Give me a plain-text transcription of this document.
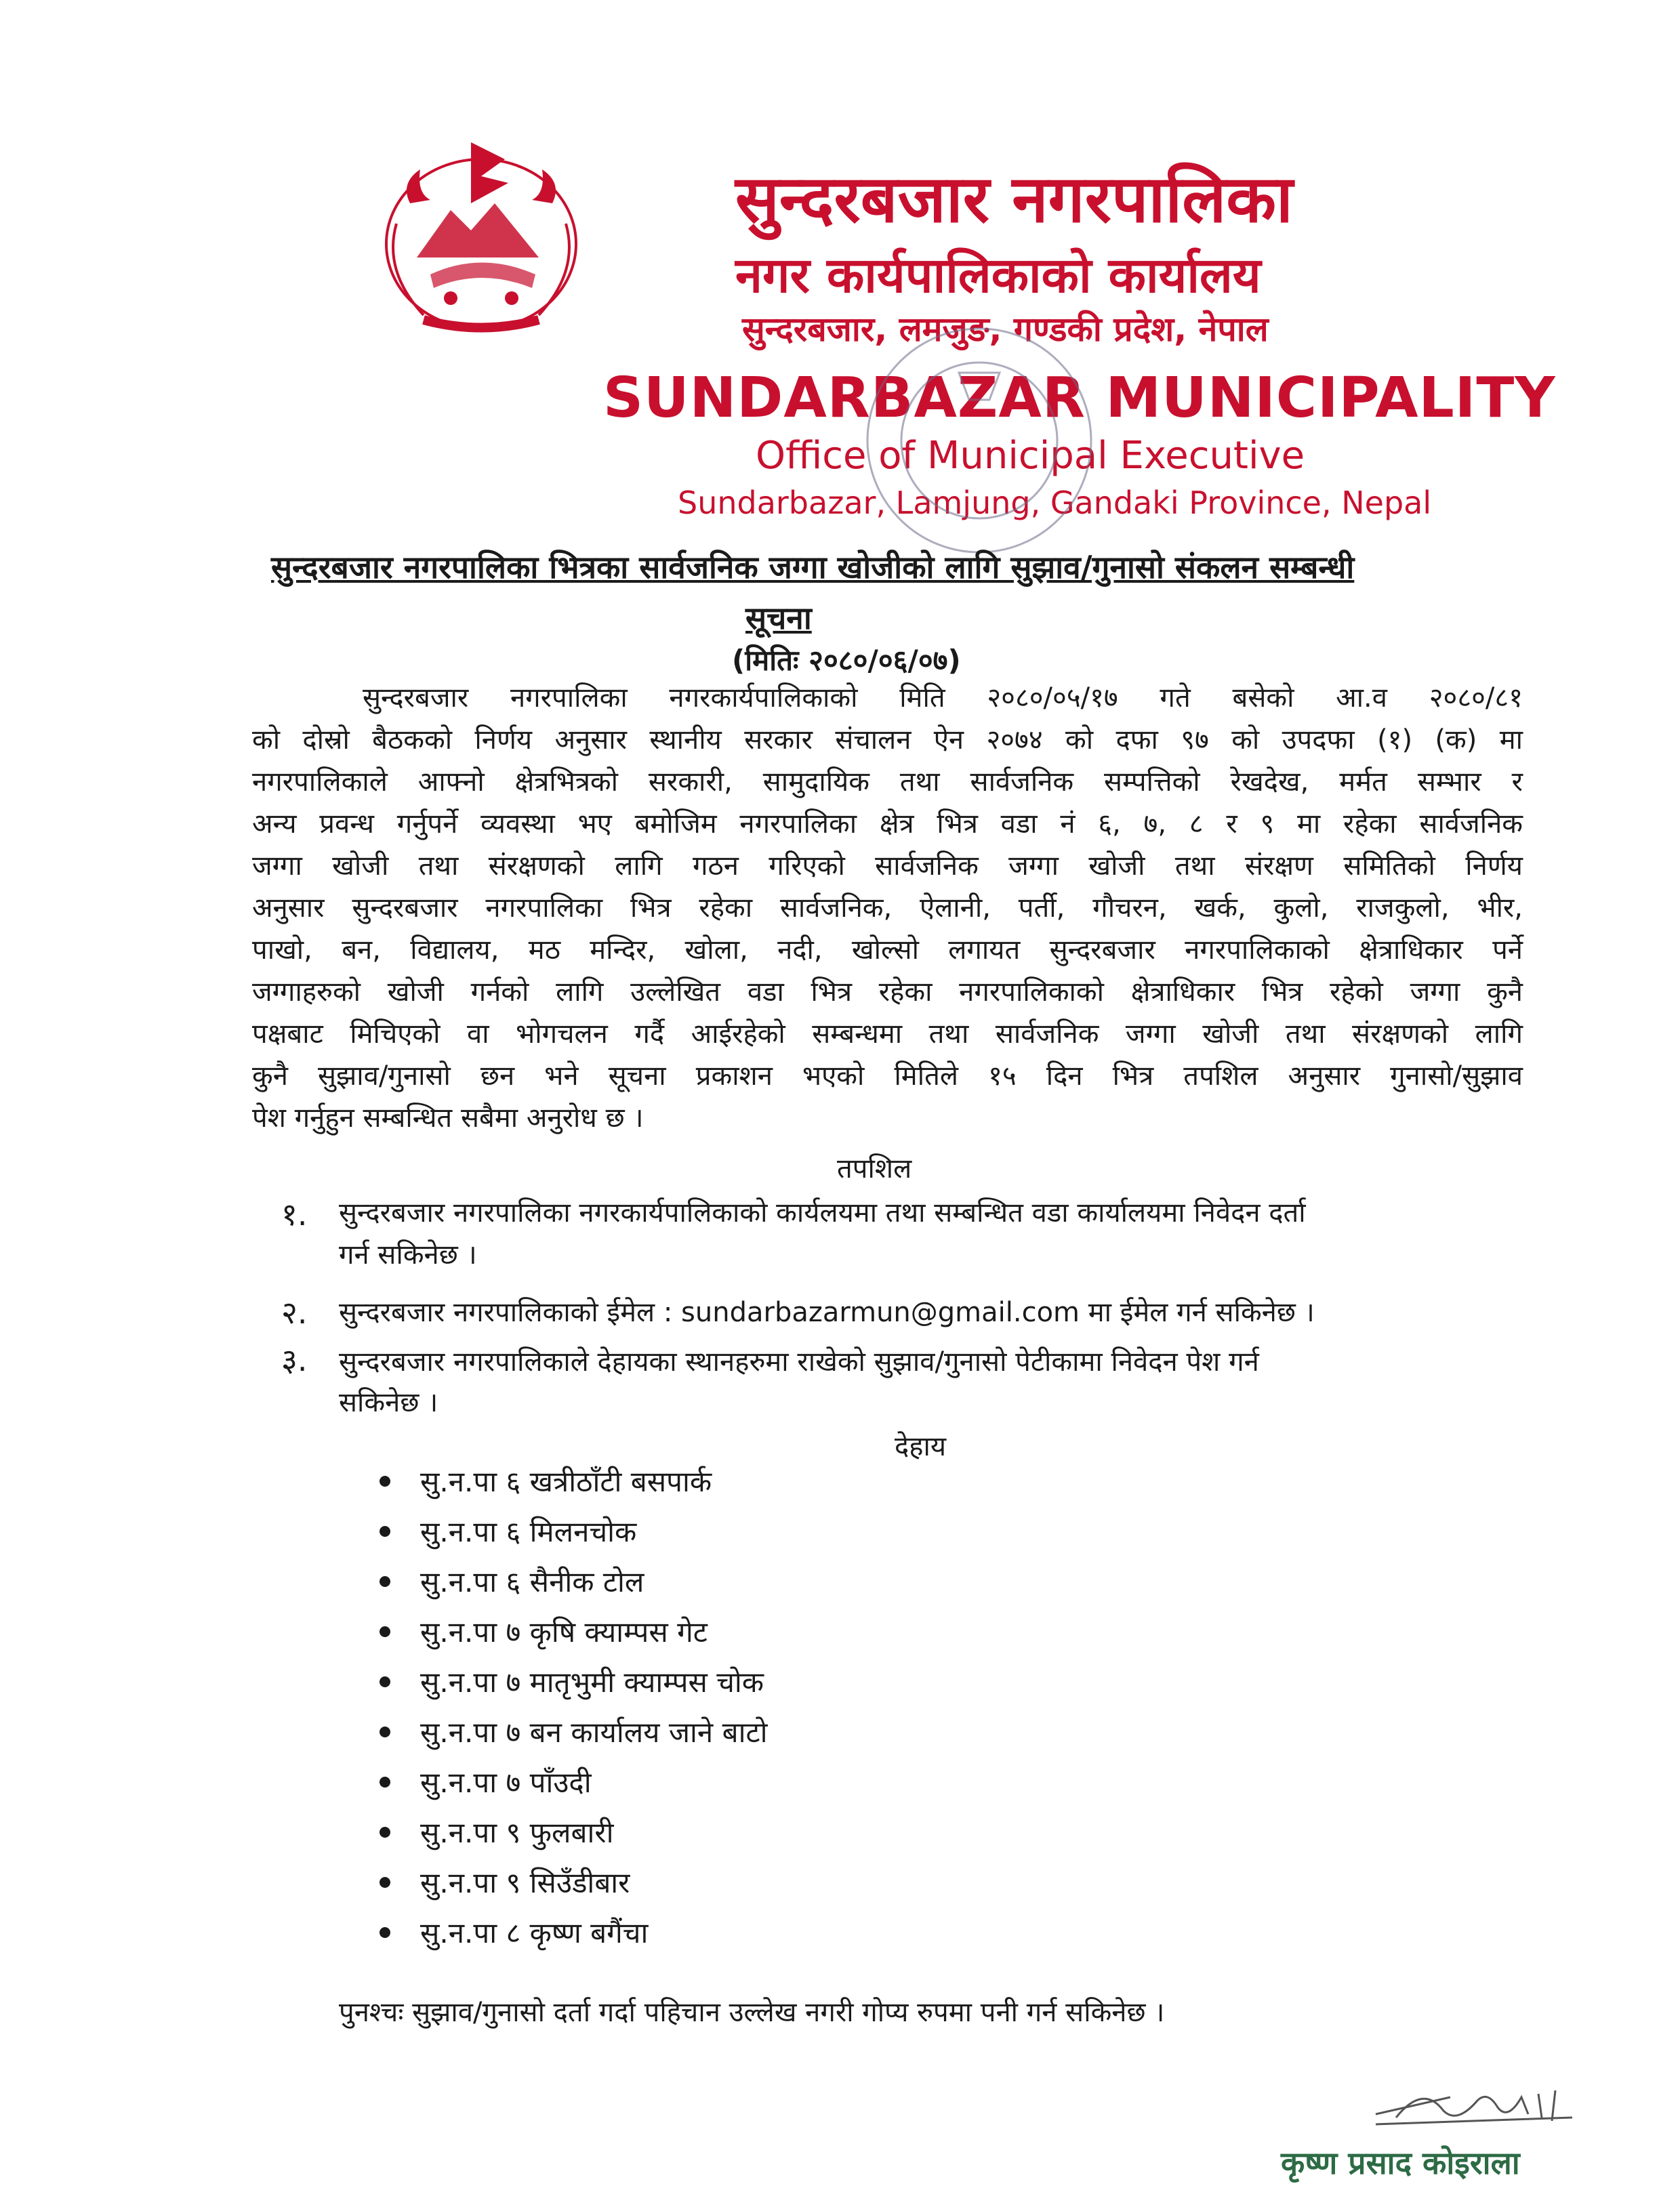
सुन्दरबजार नगरपालिका
नगर कार्यपालिकाको कार्यालय
सुन्दरबजार, लमजुङ, गण्डकी प्रदेश, नेपाल
SUNDARBAZAR MUNICIPALITY
Office of Municipal Executive
Sundarbazar, Lamjung, Gandaki Province, Nepal
सुन्दरबजार नगरपालिका भित्रका सार्वजनिक जग्गा खोजीको लागि सुझाव/गुनासो संकलन सम्बन्धी
सूचना
(मितिः २०८०/०६/०७)
सुन्दरबजार नगरपालिका नगरकार्यपालिकाको मिति २०८०/०५/१७ गते बसेको आ.व २०८०/८१
को दोस्रो बैठकको निर्णय अनुसार स्थानीय सरकार संचालन ऐन २०७४ को दफा ९७ को उपदफा (१) (क) मा
नगरपालिकाले आफ्नो क्षेत्रभित्रको सरकारी, सामुदायिक तथा सार्वजनिक सम्पत्तिको रेखदेख, मर्मत सम्भार र
अन्य प्रवन्ध गर्नुपर्ने व्यवस्था भए बमोजिम नगरपालिका क्षेत्र भित्र वडा नं ६, ७, ८ र ९ मा रहेका सार्वजनिक
जग्गा खोजी तथा संरक्षणको लागि गठन गरिएको सार्वजनिक जग्गा खोजी तथा संरक्षण समितिको निर्णय
अनुसार सुन्दरबजार नगरपालिका भित्र रहेका सार्वजनिक, ऐलानी, पर्ती, गौचरन, खर्क, कुलो, राजकुलो, भीर,
पाखो, बन, विद्यालय, मठ मन्दिर, खोला, नदी, खोल्सो लगायत सुन्दरबजार नगरपालिकाको क्षेत्राधिकार पर्ने
जग्गाहरुको खोजी गर्नको लागि उल्लेखित वडा भित्र रहेका नगरपालिकाको क्षेत्राधिकार भित्र रहेको जग्गा कुनै
पक्षबाट मिचिएको वा भोगचलन गर्दै आईरहेको सम्बन्धमा तथा सार्वजनिक जग्गा खोजी तथा संरक्षणको लागि
कुनै सुझाव/गुनासो छन भने सूचना प्रकाशन भएको मितिले १५ दिन भित्र तपशिल अनुसार गुनासो/सुझाव
पेश गर्नुहुन सम्बन्धित सबैमा अनुरोध छ ।
तपशिल
१. सुन्दरबजार नगरपालिका नगरकार्यपालिकाको कार्यलयमा तथा सम्बन्धित वडा कार्यालयमा निवेदन दर्ता
गर्न सकिनेछ ।
२. सुन्दरबजार नगरपालिकाको ईमेल : sundarbazarmun@gmail.com मा ईमेल गर्न सकिनेछ ।
३. सुन्दरबजार नगरपालिकाले देहायका स्थानहरुमा राखेको सुझाव/गुनासो पेटीकामा निवेदन पेश गर्न
सकिनेछ ।
देहाय
सु.न.पा ६ खत्रीठाँटी बसपार्क
सु.न.पा ६ मिलनचोक
सु.न.पा ६ सैनीक टोल
सु.न.पा ७ कृषि क्याम्पस गेट
सु.न.पा ७ मातृभुमी क्याम्पस चोक
सु.न.पा ७ बन कार्यालय जाने बाटो
सु.न.पा ७ पाँउदी
सु.न.पा ९ फुलबारी
सु.न.पा ९ सिउँडीबार
सु.न.पा ८ कृष्ण बगैंचा
पुनश्चः सुझाव/गुनासो दर्ता गर्दा पहिचान उल्लेख नगरी गोप्य रुपमा पनी गर्न सकिनेछ ।
कृष्ण प्रसाद कोइराला
